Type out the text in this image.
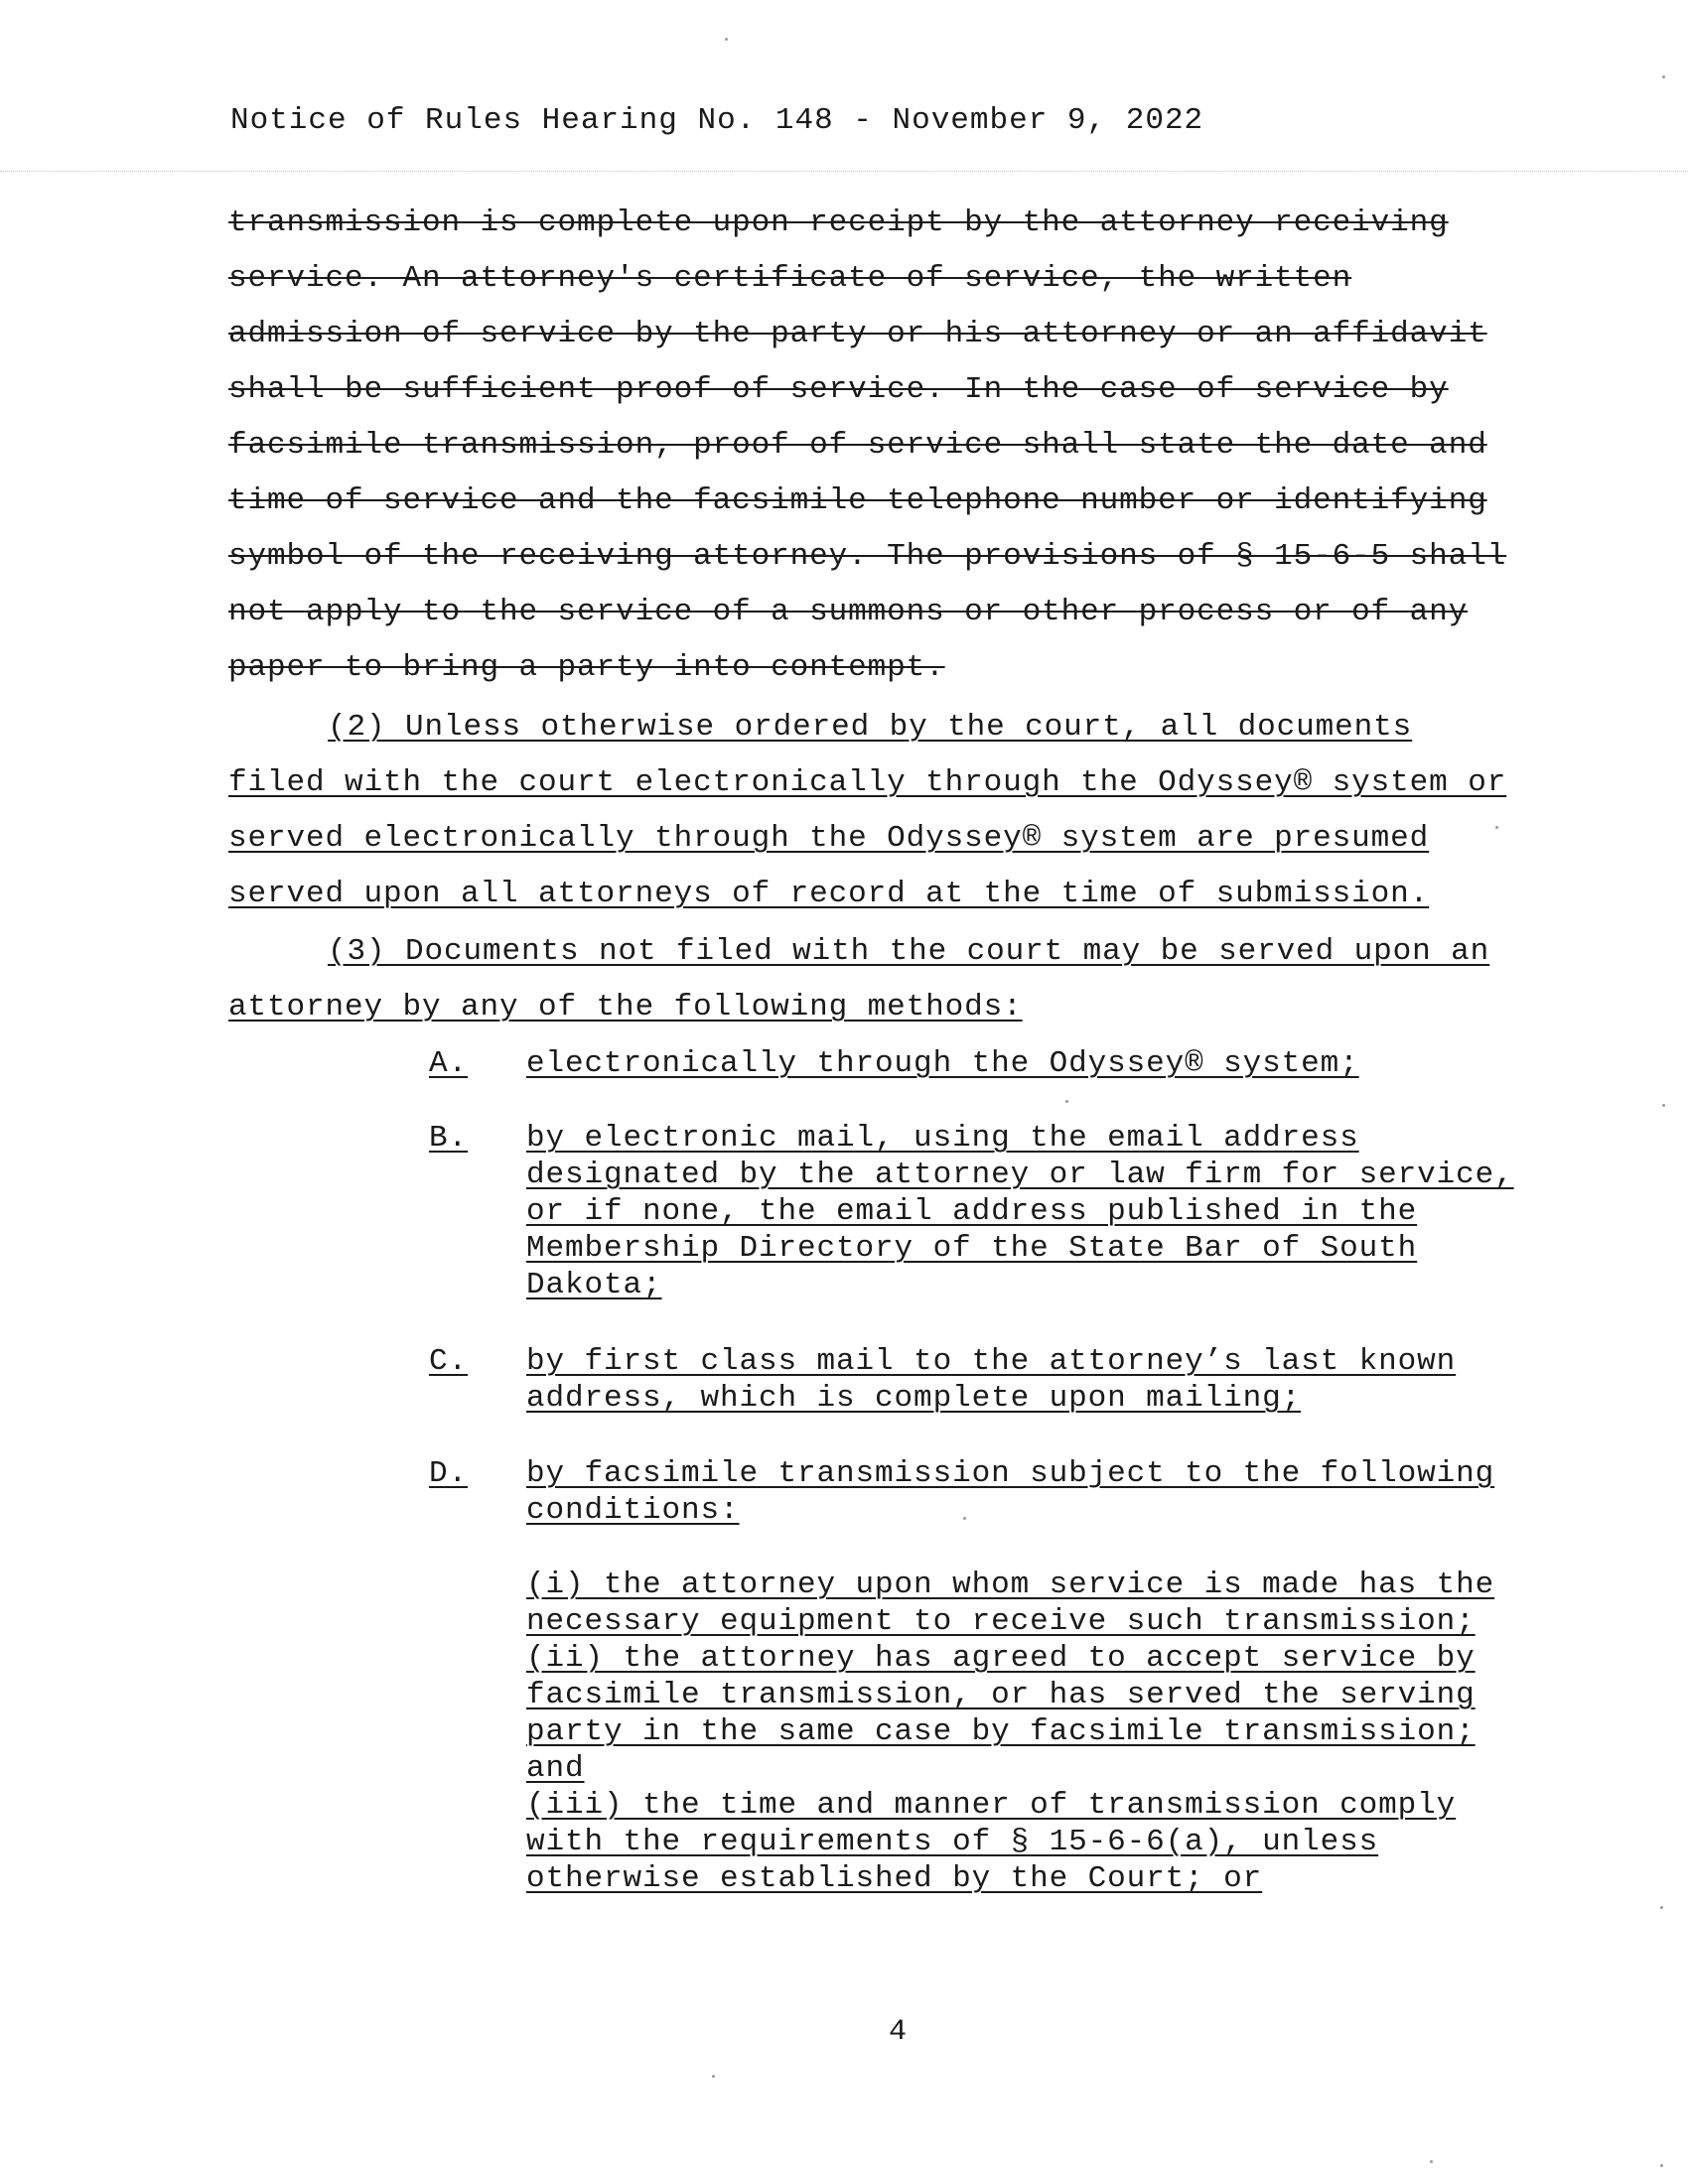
Notice of Rules Hearing No. 148 - November 9, 2022
transmission is complete upon receipt by the attorney receiving
service. An attorney's certificate of service, the written
admission of service by the party or his attorney or an affidavit
shall be sufficient proof of service. In the case of service by
facsimile transmission, proof of service shall state the date and
time of service and the facsimile telephone number or identifying
symbol of the receiving attorney. The provisions of § 15-6-5 shall
not apply to the service of a summons or other process or of any
paper to bring a party into contempt.
(2) Unless otherwise ordered by the court, all documents
filed with the court electronically through the Odyssey® system or
served electronically through the Odyssey® system are presumed
served upon all attorneys of record at the time of submission.
(3) Documents not filed with the court may be served upon an
attorney by any of the following methods:
A. electronically through the Odyssey® system;
B. by electronic mail, using the email address
designated by the attorney or law firm for service,
or if none, the email address published in the
Membership Directory of the State Bar of South
Dakota;
C. by first class mail to the attorney’s last known
address, which is complete upon mailing;
D. by facsimile transmission subject to the following
conditions:
(i) the attorney upon whom service is made has the
necessary equipment to receive such transmission;
(ii) the attorney has agreed to accept service by
facsimile transmission, or has served the serving
party in the same case by facsimile transmission;
and
(iii) the time and manner of transmission comply
with the requirements of § 15-6-6(a), unless
otherwise established by the Court; or
4
